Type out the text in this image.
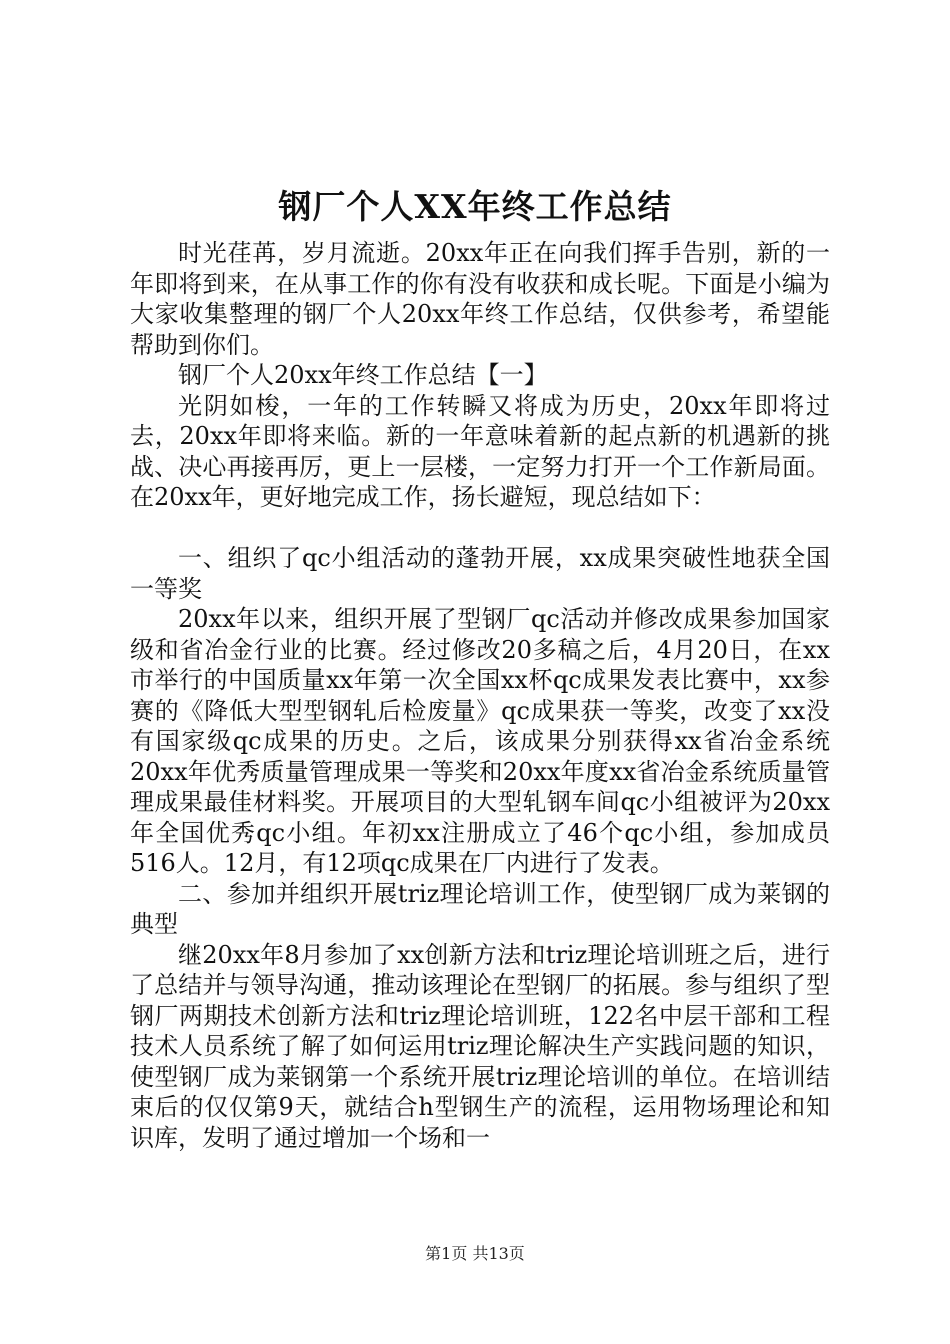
钢厂个人XX年终工作总结

时光荏苒，岁月流逝。20xx年正在向我们挥手告别，新的一年即将到来，在从事工作的你有没有收获和成长呢。下面是小编为大家收集整理的钢厂个人20xx年终工作总结，仅供参考，希望能帮助到你们。

钢厂个人20xx年终工作总结【一】

光阴如梭，一年的工作转瞬又将成为历史，20xx年即将过去，20xx年即将来临。新的一年意味着新的起点新的机遇新的挑战、决心再接再厉，更上一层楼，一定努力打开一个工作新局面。在20xx年，更好地完成工作，扬长避短，现总结如下：

一、组织了qc小组活动的蓬勃开展，xx成果突破性地获全国一等奖

20xx年以来，组织开展了型钢厂qc活动并修改成果参加国家级和省冶金行业的比赛。经过修改20多稿之后，4月20日，在xx市举行的中国质量xx年第一次全国xx杯qc成果发表比赛中，xx参赛的《降低大型型钢轧后检废量》qc成果获一等奖，改变了xx没有国家级qc成果的历史。之后，该成果分别获得xx省冶金系统20xx年优秀质量管理成果一等奖和20xx年度xx省冶金系统质量管理成果最佳材料奖。开展项目的大型轧钢车间qc小组被评为20xx年全国优秀qc小组。年初xx注册成立了46个qc小组，参加成员516人。12月，有12项qc成果在厂内进行了发表。

二、参加并组织开展triz理论培训工作，使型钢厂成为莱钢的典型

继20xx年8月参加了xx创新方法和triz理论培训班之后，进行了总结并与领导沟通，推动该理论在型钢厂的拓展。参与组织了型钢厂两期技术创新方法和triz理论培训班，122名中层干部和工程技术人员系统了解了如何运用triz理论解决生产实践问题的知识，使型钢厂成为莱钢第一个系统开展triz理论培训的单位。在培训结束后的仅仅第9天，就结合h型钢生产的流程，运用物场理论和知识库，发明了通过增加一个场和一

第1页 共13页
